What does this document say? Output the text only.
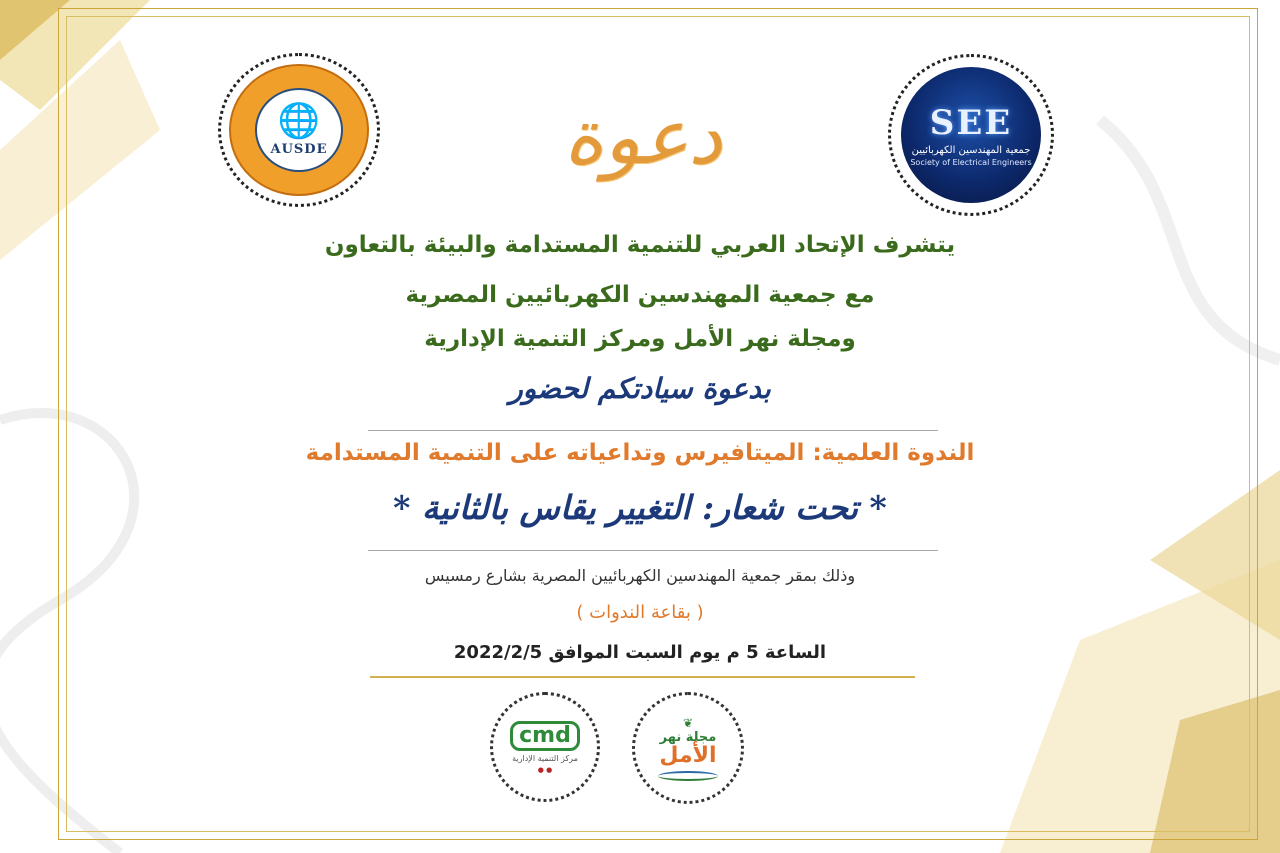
🌐
AUSDE	دعوة	SEE
جمعية المهندسين الكهربائيين
Society of Electrical Engineers
يتشرف الإتحاد العربي للتنمية المستدامة والبيئة بالتعاون
مع جمعية المهندسين الكهربائيين المصرية
ومجلة نهر الأمل ومركز التنمية الإدارية
بدعوة سيادتكم لحضور
الندوة العلمية: الميتافيرس وتداعياته على التنمية المستدامة
* تحت شعار: التغيير يقاس بالثانية *
وذلك بمقر جمعية المهندسين الكهربائيين المصرية بشارع رمسيس
( بقاعة الندوات )
الساعة 5 م يوم السبت الموافق 2022/2/5
cmd
مركز التنمية الإدارية
● ●
❦
مجلة نهر
الأمل
